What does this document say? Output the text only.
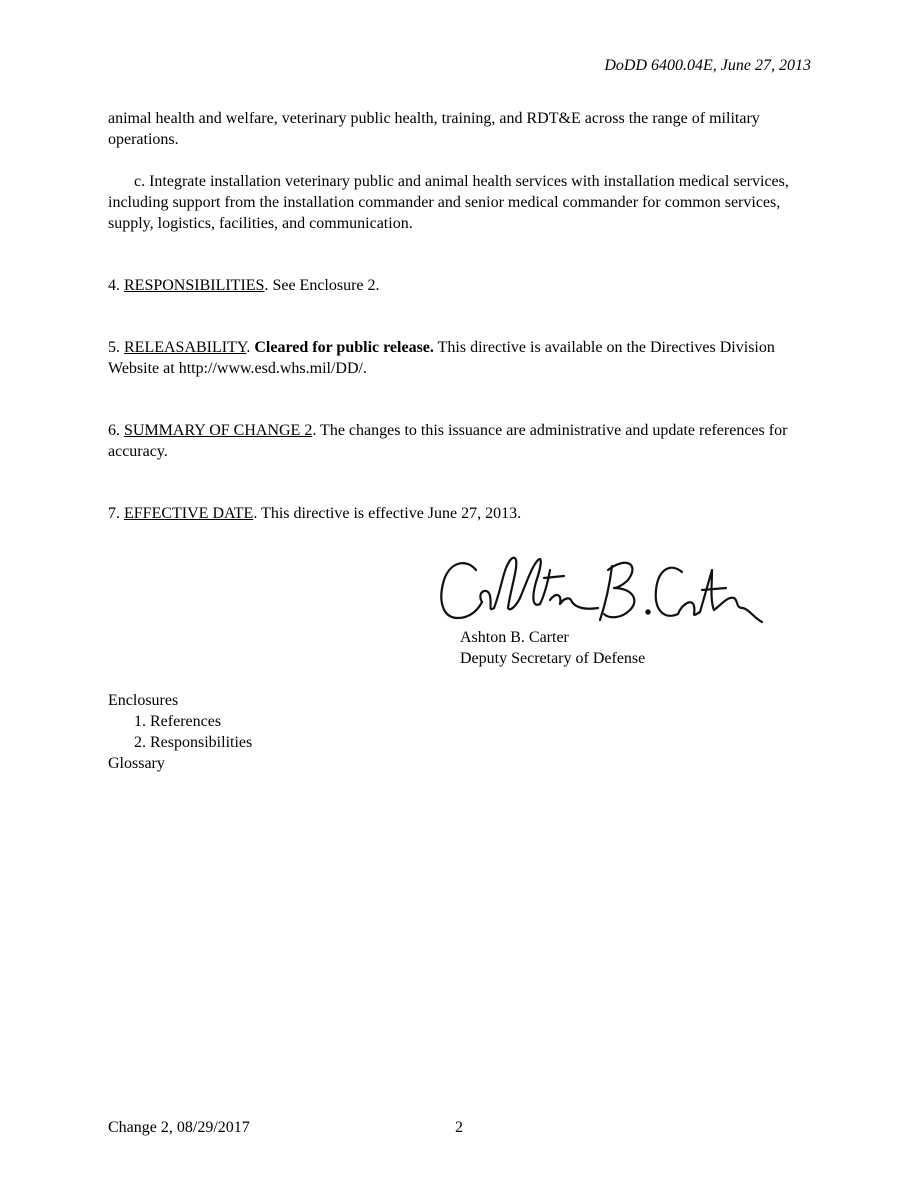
DoDD 6400.04E, June 27, 2013

animal health and welfare, veterinary public health, training, and RDT&E across the range of military operations.

c. Integrate installation veterinary public and animal health services with installation medical services, including support from the installation commander and senior medical commander for common services, supply, logistics, facilities, and communication.

4. RESPONSIBILITIES. See Enclosure 2.

5. RELEASABILITY. Cleared for public release. This directive is available on the Directives Division Website at http://www.esd.whs.mil/DD/.

6. SUMMARY OF CHANGE 2. The changes to this issuance are administrative and update references for accuracy.

7. EFFECTIVE DATE. This directive is effective June 27, 2013.

Ashton B. Carter
Deputy Secretary of Defense
Enclosures
1. References
2. Responsibilities
Glossary
Change 2, 08/29/2017	2
